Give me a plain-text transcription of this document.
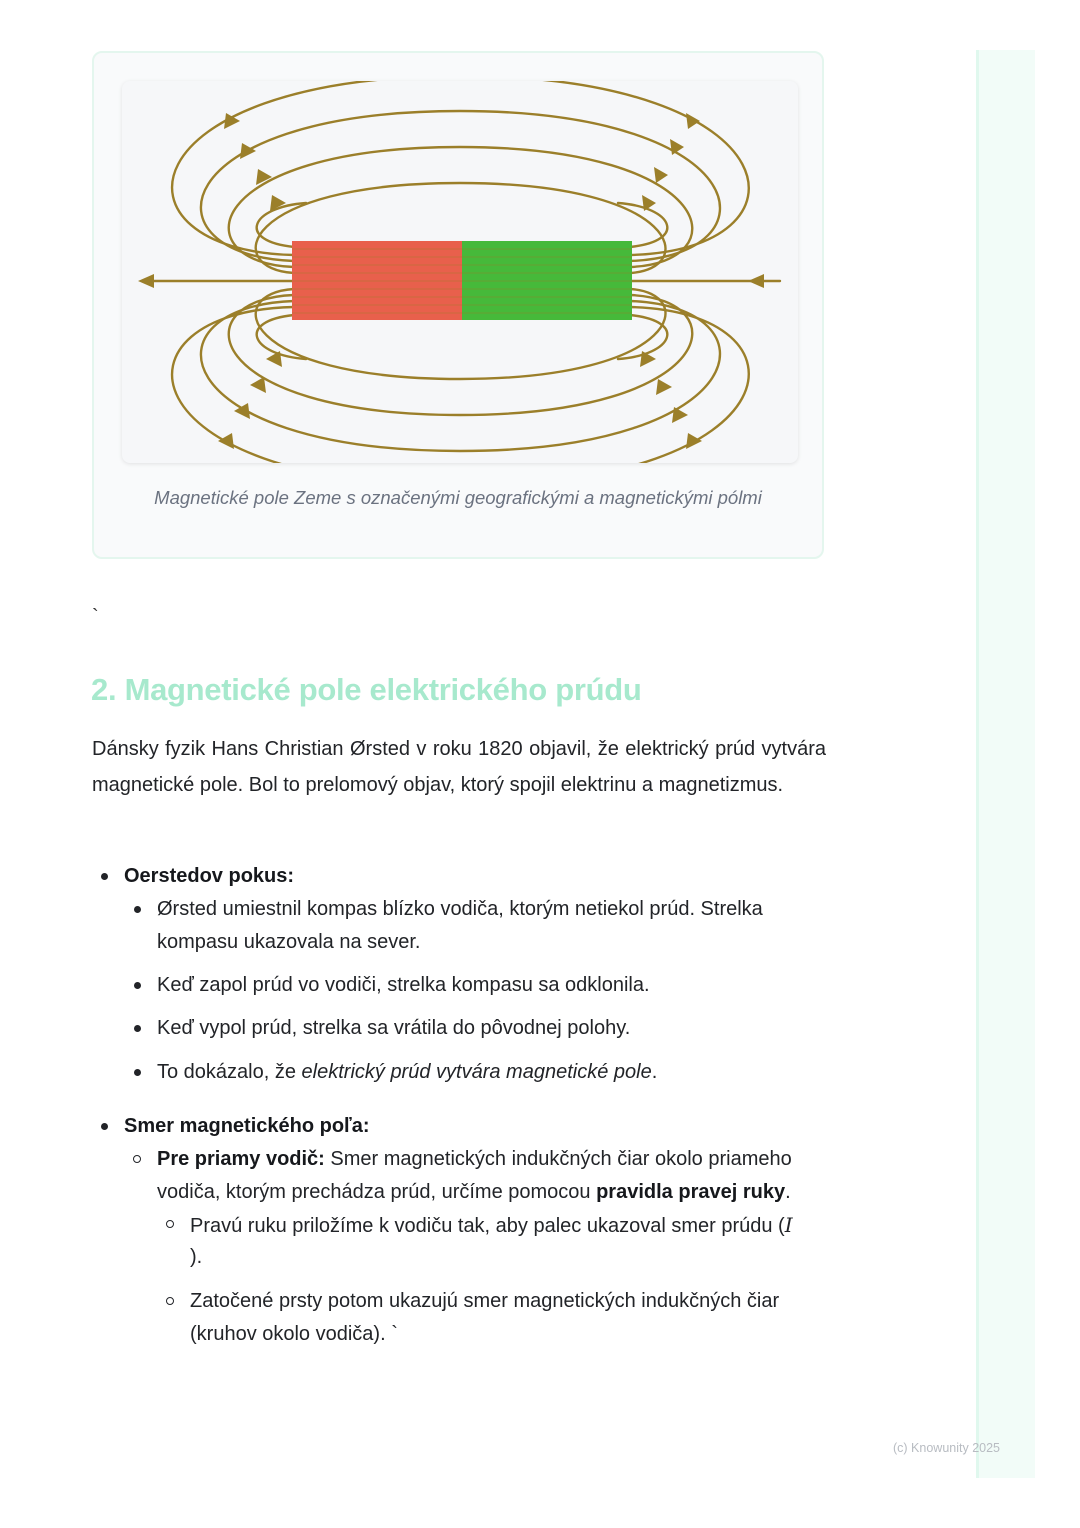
Magnetické pole Zeme s označenými geografickými a magnetickými pólmi
`
2. Magnetické pole elektrického prúdu

Dánsky fyzik Hans Christian Ørsted v roku 1820 objavil, že elektrický prúd vytvára magnetické pole. Bol to prelomový objav, ktorý spojil elektrinu a magnetizmus.

Oerstedov pokus:

Ørsted umiestnil kompas blízko vodiča, ktorým netiekol prúd. Strelka

kompasu ukazovala na sever.

Keď zapol prúd vo vodiči, strelka kompasu sa odklonila.

Keď vypol prúd, strelka sa vrátila do pôvodnej polohy.

To dokázalo, že elektrický prúd vytvára magnetické pole.

Smer magnetického poľa:

Pre priamy vodič: Smer magnetických indukčných čiar okolo priameho

vodiča, ktorým prechádza prúd, určíme pomocou pravidla pravej ruky.

Pravú ruku priložíme k vodiču tak, aby palec ukazoval smer prúdu (I

).

Zatočené prsty potom ukazujú smer magnetických indukčných čiar

(kruhov okolo vodiča). `

(c) Knowunity 2025
